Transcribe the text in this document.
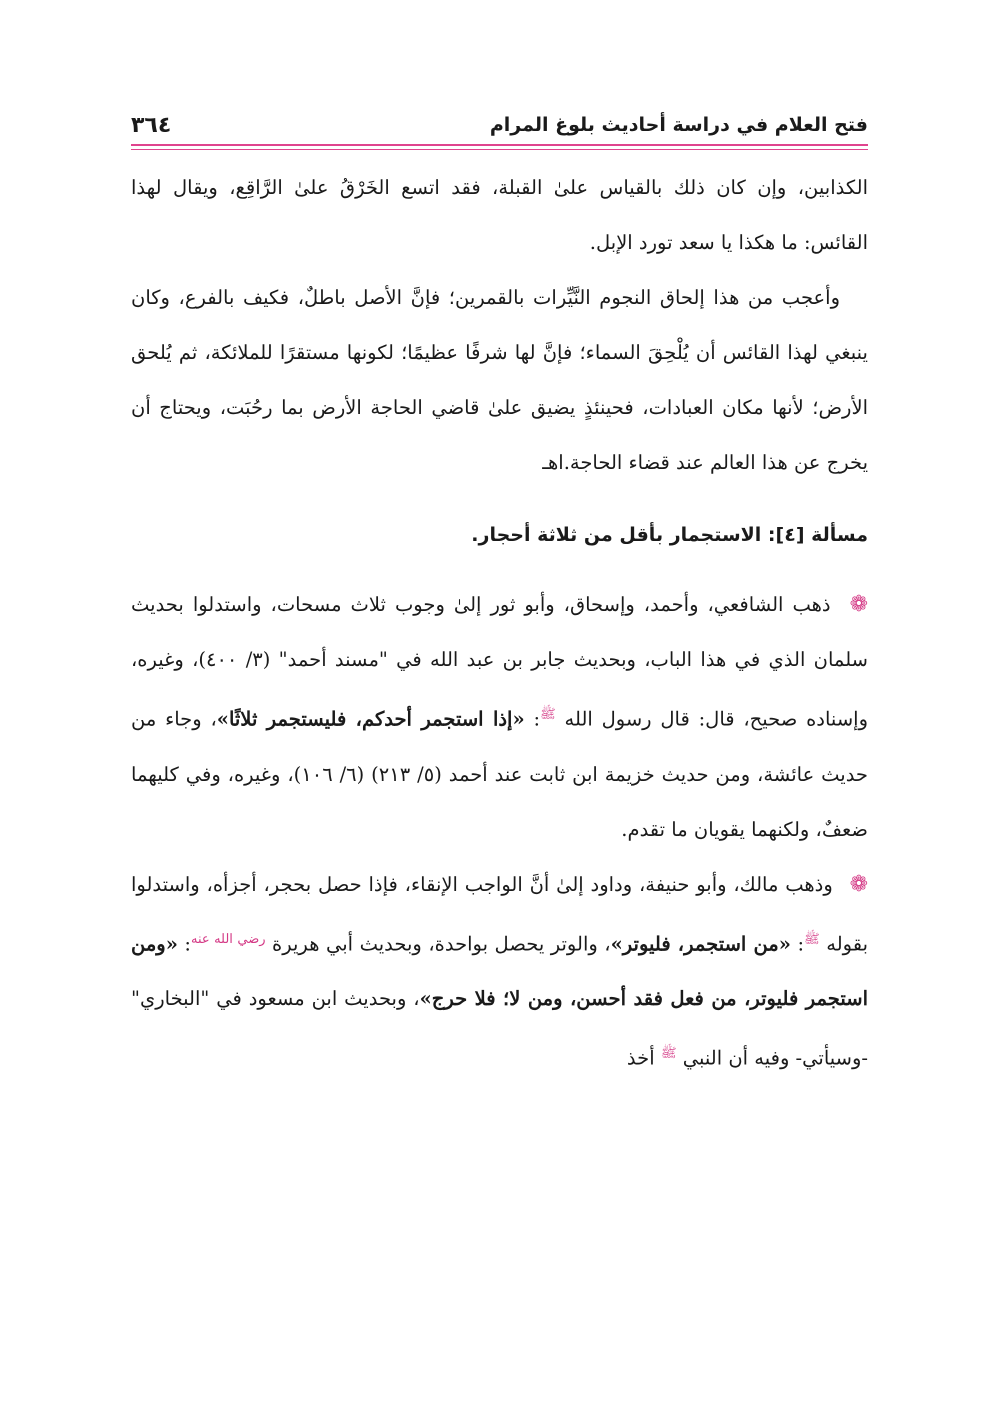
فتح العلام في دراسة أحاديث بلوغ المرام
٣٦٤

الكذابين، وإن كان ذلك بالقياس علىٰ القبلة، فقد اتسع الخَرْقُ علىٰ الرَّاقِع، ويقال لهذا القائس: ما هكذا يا سعد تورد الإبل.

وأعجب من هذا إلحاق النجوم النَّيِّرات بالقمرين؛ فإنَّ الأصل باطلٌ، فكيف بالفرع، وكان ينبغي لهذا القائس أن يُلْحِقَ السماء؛ فإنَّ لها شرفًا عظيمًا؛ لكونها مستقرًا للملائكة، ثم يُلحق الأرض؛ لأنها مكان العبادات، فحينئذٍ يضيق علىٰ قاضي الحاجة الأرض بما رحُبَت، ويحتاج أن يخرج عن هذا العالم عند قضاء الحاجة.اهـ

مسألة [٤]: الاستجمار بأقل من ثلاثة أحجار.

❁ ذهب الشافعي، وأحمد، وإسحاق، وأبو ثور إلىٰ وجوب ثلاث مسحات، واستدلوا بحديث سلمان الذي في هذا الباب، وبحديث جابر بن عبد الله في "مسند أحمد" (٣/ ٤٠٠)، وغيره، وإسناده صحيح، قال: قال رسول الله $^ﷺ$: «إذا استجمر أحدكم، فليستجمر ثلاثًا»، وجاء من حديث عائشة، ومن حديث خزيمة ابن ثابت عند أحمد (٥/ ٢١٣) (٦/ ١٠٦)، وغيره، وفي كليهما ضعفٌ، ولكنهما يقويان ما تقدم.

❁ وذهب مالك، وأبو حنيفة، وداود إلىٰ أنَّ الواجب الإنقاء، فإذا حصل بحجر، أجزأه، واستدلوا بقوله $^ﷺ$: «من استجمر، فليوتر»، والوتر يحصل بواحدة، وبحديث أبي هريرة $^{رضي الله عنه}$: «ومن استجمر فليوتر، من فعل فقد أحسن، ومن لا؛ فلا حرج»، وبحديث ابن مسعود في "البخاري" -وسيأتي- وفيه أن النبي $^ﷺ$ أخذ
